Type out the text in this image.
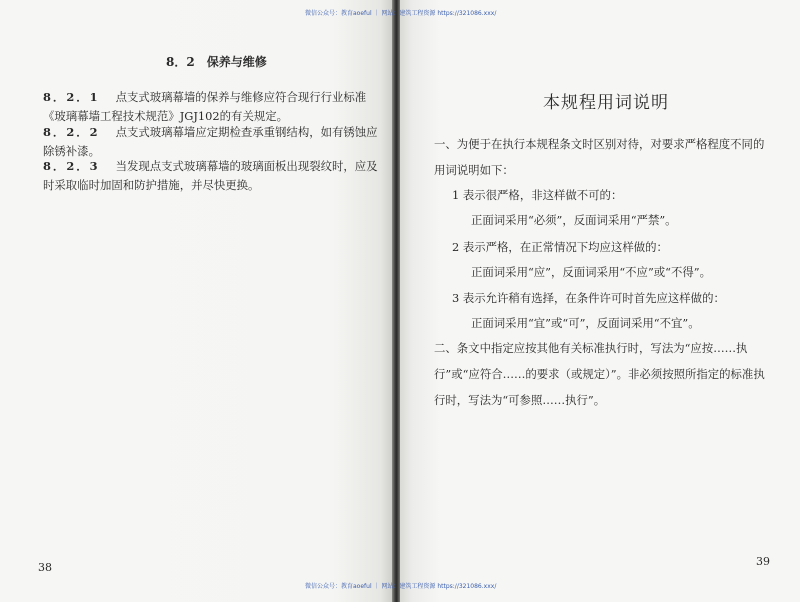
8．2　保养与维修
8．2．1 点支式玻璃幕墙的保养与维修应符合现行行业标准《玻璃幕墙工程技术规范》JGJ102的有关规定。
8．2．2 点支式玻璃幕墙应定期检查承重钢结构，如有锈蚀应除锈补漆。
8．2．3 当发现点支式玻璃幕墙的玻璃面板出现裂纹时，应及时采取临时加固和防护措施，并尽快更换。
38
本规程用词说明
一、为便于在执行本规程条文时区别对待，对要求严格程度不同的用词说明如下：
1 表示很严格，非这样做不可的：
正面词采用“必须”，反面词采用“严禁”。
2 表示严格，在正常情况下均应这样做的：
正面词采用“应”，反面词采用“不应”或“不得”。
3 表示允许稍有选择，在条件许可时首先应这样做的：
正面词采用“宜”或“可”，反面词采用“不宜”。
二、条文中指定应按其他有关标准执行时，写法为“应按……执行”或“应符合……的要求（或规定）”。非必须按照所指定的标准执行时，写法为“可参照……执行”。
39
微信公众号：教育aoeful ｜ 网站：建筑工程资源 https://321086.xxx/
微信公众号：教育aoeful ｜ 网站：建筑工程资源 https://321086.xxx/
